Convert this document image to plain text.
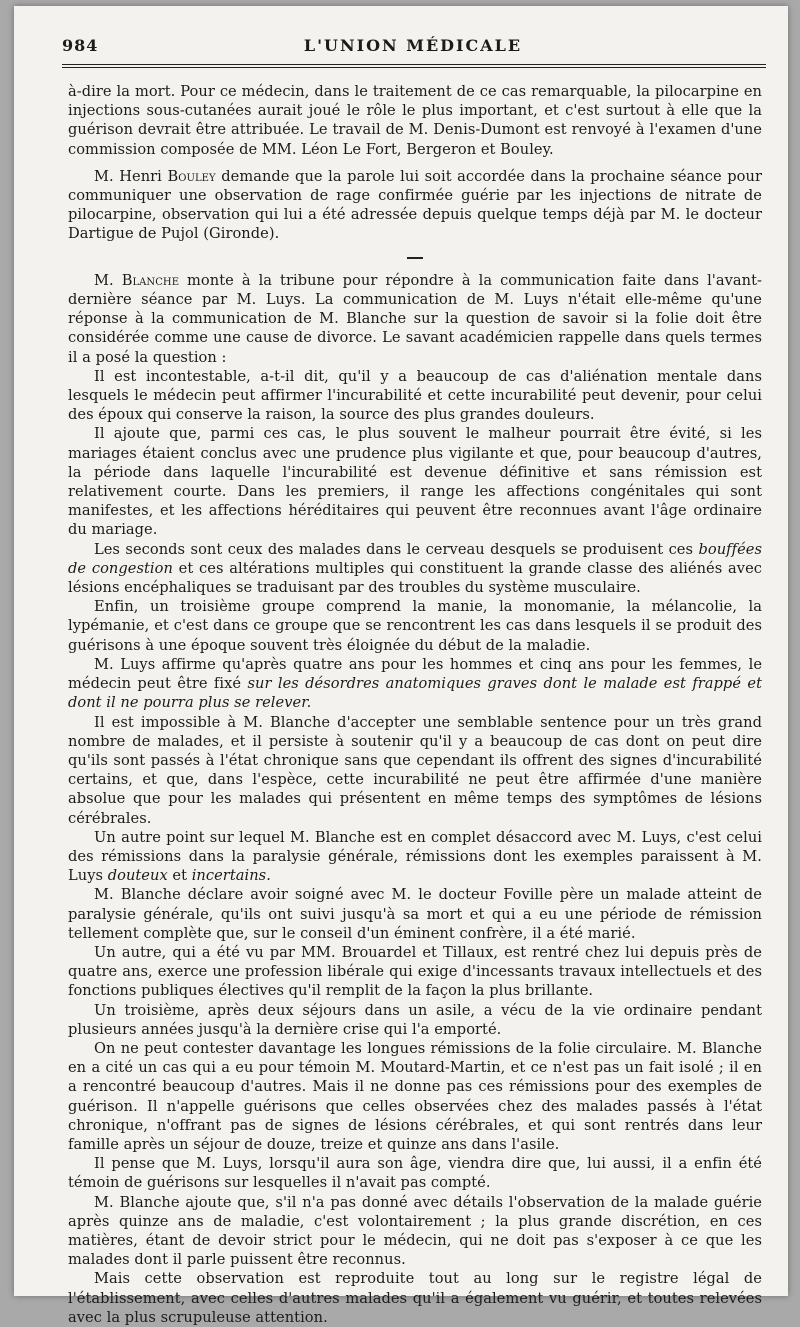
984	L'UNION MÉDICALE

à-dire la mort. Pour ce médecin, dans le traitement de ce cas remarquable, la pilocarpine en injections sous-cutanées aurait joué le rôle le plus important, et c'est surtout à elle que la guérison devrait être attribuée. Le travail de M. Denis-Dumont est renvoyé à l'examen d'une commission composée de MM. Léon Le Fort, Bergeron et Bouley.

M. Henri Bouley demande que la parole lui soit accordée dans la prochaine séance pour communiquer une observation de rage confirmée guérie par les injections de nitrate de pilocarpine, observation qui lui a été adressée depuis quelque temps déjà par M. le docteur Dartigue de Pujol (Gironde).

M. Blanche monte à la tribune pour répondre à la communication faite dans l'avant-dernière séance par M. Luys. La communication de M. Luys n'était elle-même qu'une réponse à la communication de M. Blanche sur la question de savoir si la folie doit être considérée comme une cause de divorce. Le savant académicien rappelle dans quels termes il a posé la question :

Il est incontestable, a-t-il dit, qu'il y a beaucoup de cas d'aliénation mentale dans lesquels le médecin peut affirmer l'incurabilité et cette incurabilité peut devenir, pour celui des époux qui conserve la raison, la source des plus grandes douleurs.

Il ajoute que, parmi ces cas, le plus souvent le malheur pourrait être évité, si les mariages étaient conclus avec une prudence plus vigilante et que, pour beaucoup d'autres, la période dans laquelle l'incurabilité est devenue définitive et sans rémission est relativement courte. Dans les premiers, il range les affections congénitales qui sont manifestes, et les affections héréditaires qui peuvent être reconnues avant l'âge ordinaire du mariage.

Les seconds sont ceux des malades dans le cerveau desquels se produisent ces bouffées de congestion et ces altérations multiples qui constituent la grande classe des aliénés avec lésions encéphaliques se traduisant par des troubles du système musculaire.

Enfin, un troisième groupe comprend la manie, la monomanie, la mélancolie, la lypémanie, et c'est dans ce groupe que se rencontrent les cas dans lesquels il se produit des guérisons à une époque souvent très éloignée du début de la maladie.

M. Luys affirme qu'après quatre ans pour les hommes et cinq ans pour les femmes, le médecin peut être fixé sur les désordres anatomiques graves dont le malade est frappé et dont il ne pourra plus se relever.

Il est impossible à M. Blanche d'accepter une semblable sentence pour un très grand nombre de malades, et il persiste à soutenir qu'il y a beaucoup de cas dont on peut dire qu'ils sont passés à l'état chronique sans que cependant ils offrent des signes d'incurabilité certains, et que, dans l'espèce, cette incurabilité ne peut être affirmée d'une manière absolue que pour les malades qui présentent en même temps des symptômes de lésions cérébrales.

Un autre point sur lequel M. Blanche est en complet désaccord avec M. Luys, c'est celui des rémissions dans la paralysie générale, rémissions dont les exemples paraissent à M. Luys douteux et incertains.

M. Blanche déclare avoir soigné avec M. le docteur Foville père un malade atteint de paralysie générale, qu'ils ont suivi jusqu'à sa mort et qui a eu une période de rémission tellement complète que, sur le conseil d'un éminent confrère, il a été marié.

Un autre, qui a été vu par MM. Brouardel et Tillaux, est rentré chez lui depuis près de quatre ans, exerce une profession libérale qui exige d'incessants travaux intellectuels et des fonctions publiques électives qu'il remplit de la façon la plus brillante.

Un troisième, après deux séjours dans un asile, a vécu de la vie ordinaire pendant plusieurs années jusqu'à la dernière crise qui l'a emporté.

On ne peut contester davantage les longues rémissions de la folie circulaire. M. Blanche en a cité un cas qui a eu pour témoin M. Moutard-Martin, et ce n'est pas un fait isolé ; il en a rencontré beaucoup d'autres. Mais il ne donne pas ces rémissions pour des exemples de guérison. Il n'appelle guérisons que celles observées chez des malades passés à l'état chronique, n'offrant pas de signes de lésions cérébrales, et qui sont rentrés dans leur famille après un séjour de douze, treize et quinze ans dans l'asile.

Il pense que M. Luys, lorsqu'il aura son âge, viendra dire que, lui aussi, il a enfin été témoin de guérisons sur lesquelles il n'avait pas compté.

M. Blanche ajoute que, s'il n'a pas donné avec détails l'observation de la malade guérie après quinze ans de maladie, c'est volontairement ; la plus grande discrétion, en ces matières, étant de devoir strict pour le médecin, qui ne doit pas s'exposer à ce que les malades dont il parle puissent être reconnus.

Mais cette observation est reproduite tout au long sur le registre légal de l'établissement, avec celles d'autres malades qu'il a également vu guérir, et toutes relevées avec la plus scrupuleuse attention.
